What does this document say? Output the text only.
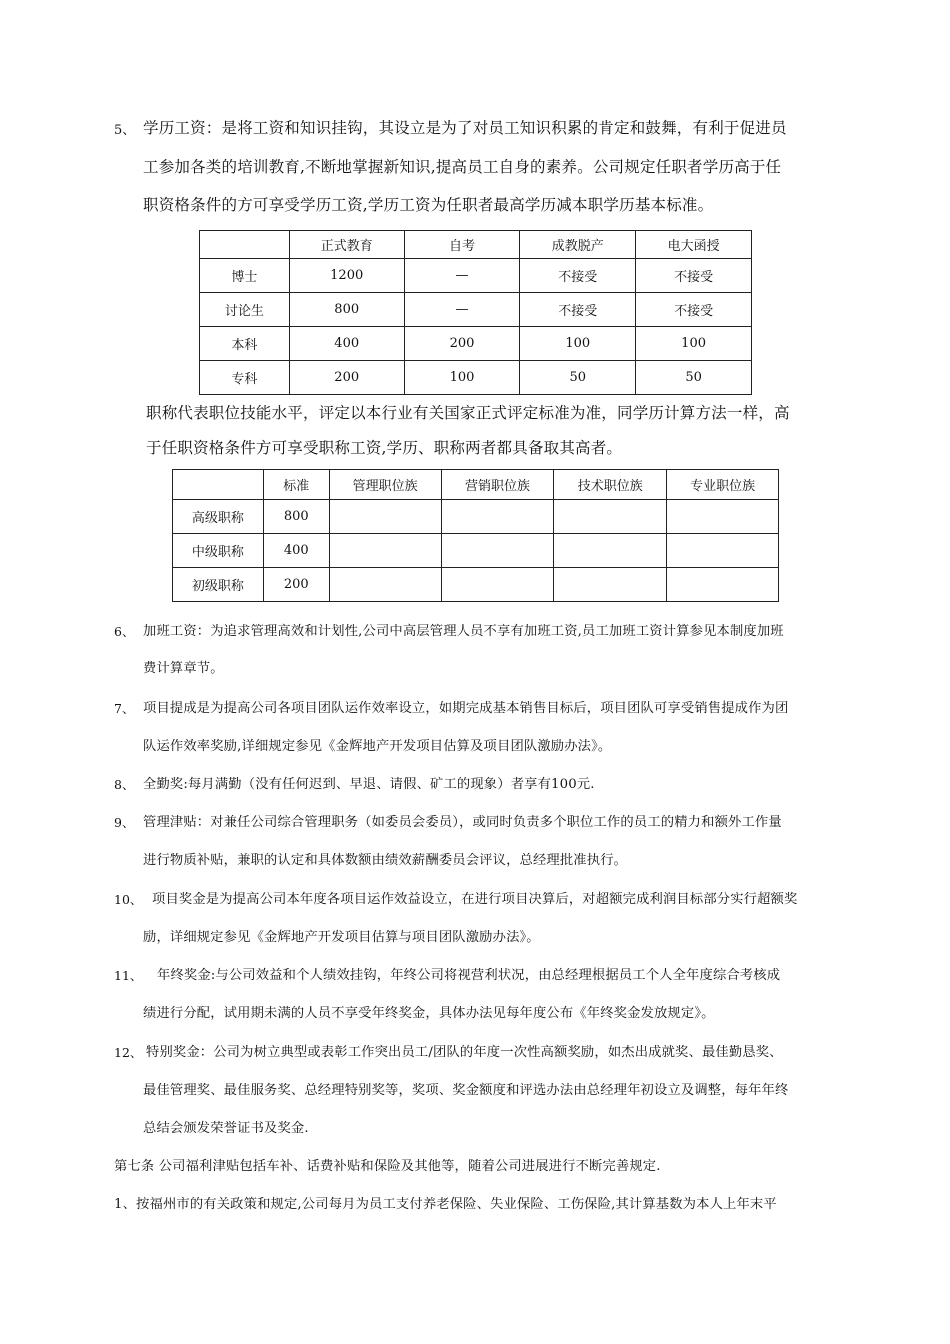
5、 学历工资：是将工资和知识挂钩，其设立是为了对员工知识积累的肯定和鼓舞，有利于促进员
工参加各类的培训教育,不断地掌握新知识,提高员工自身的素养。公司规定任职者学历高于任
职资格条件的方可享受学历工资,学历工资为任职者最高学历减本职学历基本标准。
	正式教育	自考	成教脱产	电大函授
博士	1200	—	不接受	不接受
讨论生	800	—	不接受	不接受
本科	400	200	100	100
专科	200	100	50	50
职称代表职位技能水平，评定以本行业有关国家正式评定标准为准，同学历计算方法一样，高
于任职资格条件方可享受职称工资,学历、职称两者都具备取其高者。
	标准	管理职位族	营销职位族	技术职位族	专业职位族
高级职称	800				
中级职称	400				
初级职称	200				
6、 加班工资：为追求管理高效和计划性,公司中高层管理人员不享有加班工资,员工加班工资计算参见本制度加班
费计算章节。
7、 项目提成是为提高公司各项目团队运作效率设立，如期完成基本销售目标后，项目团队可享受销售提成作为团
队运作效率奖励,详细规定参见《金辉地产开发项目估算及项目团队激励办法》。
8、 全勤奖:每月满勤（没有任何迟到、早退、请假、矿工的现象）者享有100元.
9、 管理津贴：对兼任公司综合管理职务（如委员会委员），或同时负责多个职位工作的员工的精力和额外工作量
进行物质补贴，兼职的认定和具体数额由绩效薪酬委员会评议，总经理批准执行。
10、 项目奖金是为提高公司本年度各项目运作效益设立，在进行项目决算后，对超额完成利润目标部分实行超额奖
励，详细规定参见《金辉地产开发项目估算与项目团队激励办法》。
11、 年终奖金:与公司效益和个人绩效挂钩，年终公司将视营利状况，由总经理根据员工个人全年度综合考核成
绩进行分配，试用期未满的人员不享受年终奖金，具体办法见每年度公布《年终奖金发放规定》。
12、 特别奖金：公司为树立典型或表彰工作突出员工/团队的年度一次性高额奖励，如杰出成就奖、最佳勤恳奖、
最佳管理奖、最佳服务奖、总经理特别奖等，奖项、奖金额度和评选办法由总经理年初设立及调整，每年年终
总结会颁发荣誉证书及奖金.
第七条 公司福利津贴包括车补、话费补贴和保险及其他等，随着公司进展进行不断完善规定.
1、按福州市的有关政策和规定,公司每月为员工支付养老保险、失业保险、工伤保险,其计算基数为本人上年末平
